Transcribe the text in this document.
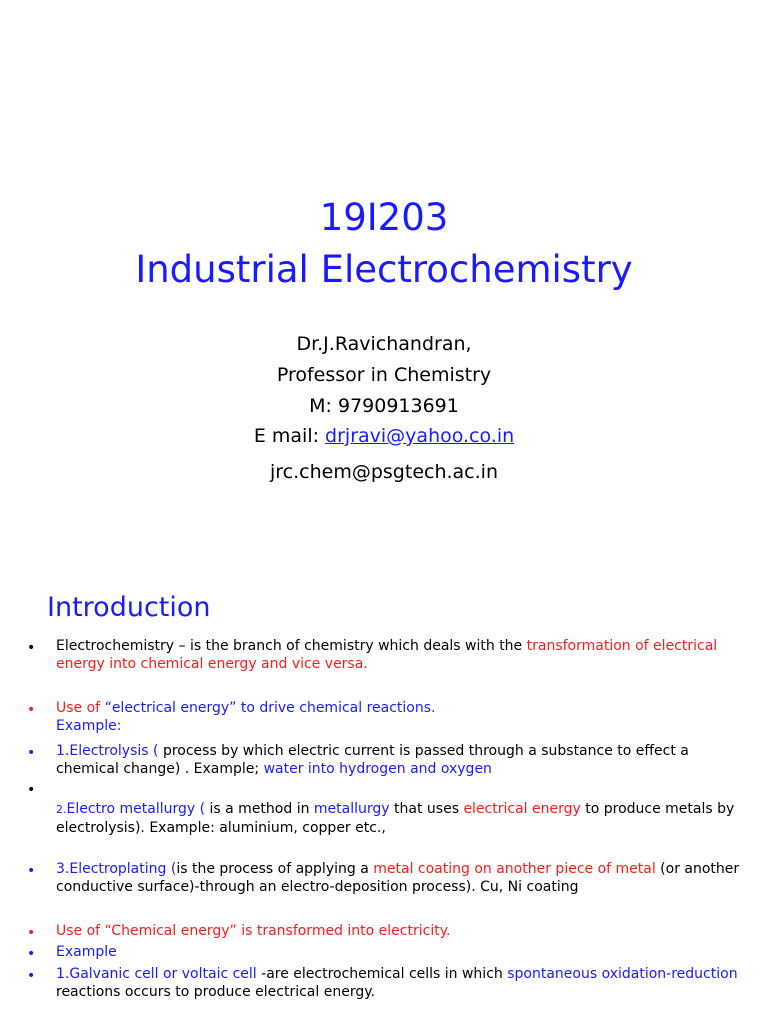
19I203
Industrial Electrochemistry
Dr.J.Ravichandran,
Professor in Chemistry
M: 9790913691
E mail: drjravi@yahoo.co.in
jrc.chem@psgtech.ac.in
Introduction
•	Electrochemistry – is the branch of chemistry which deals with the transformation of electrical energy into chemical energy and vice versa.
•	Use of “electrical energy” to drive chemical reactions.
Example:
•	1.Electrolysis ( process by which electric current is passed through a substance to effect a chemical change) . Example; water into hydrogen and oxygen
•
2.Electro metallurgy ( is a method in metallurgy that uses electrical energy to produce metals by electrolysis). Example: aluminium, copper etc.,
•	3.Electroplating (is the process of applying a metal coating on another piece of metal (or another conductive surface)-through an electro-deposition process). Cu, Ni coating
•	Use of “Chemical energy” is transformed into electricity.
•	Example
•	1.Galvanic cell or voltaic cell -are electrochemical cells in which spontaneous oxidation-reduction reactions occurs to produce electrical energy.
